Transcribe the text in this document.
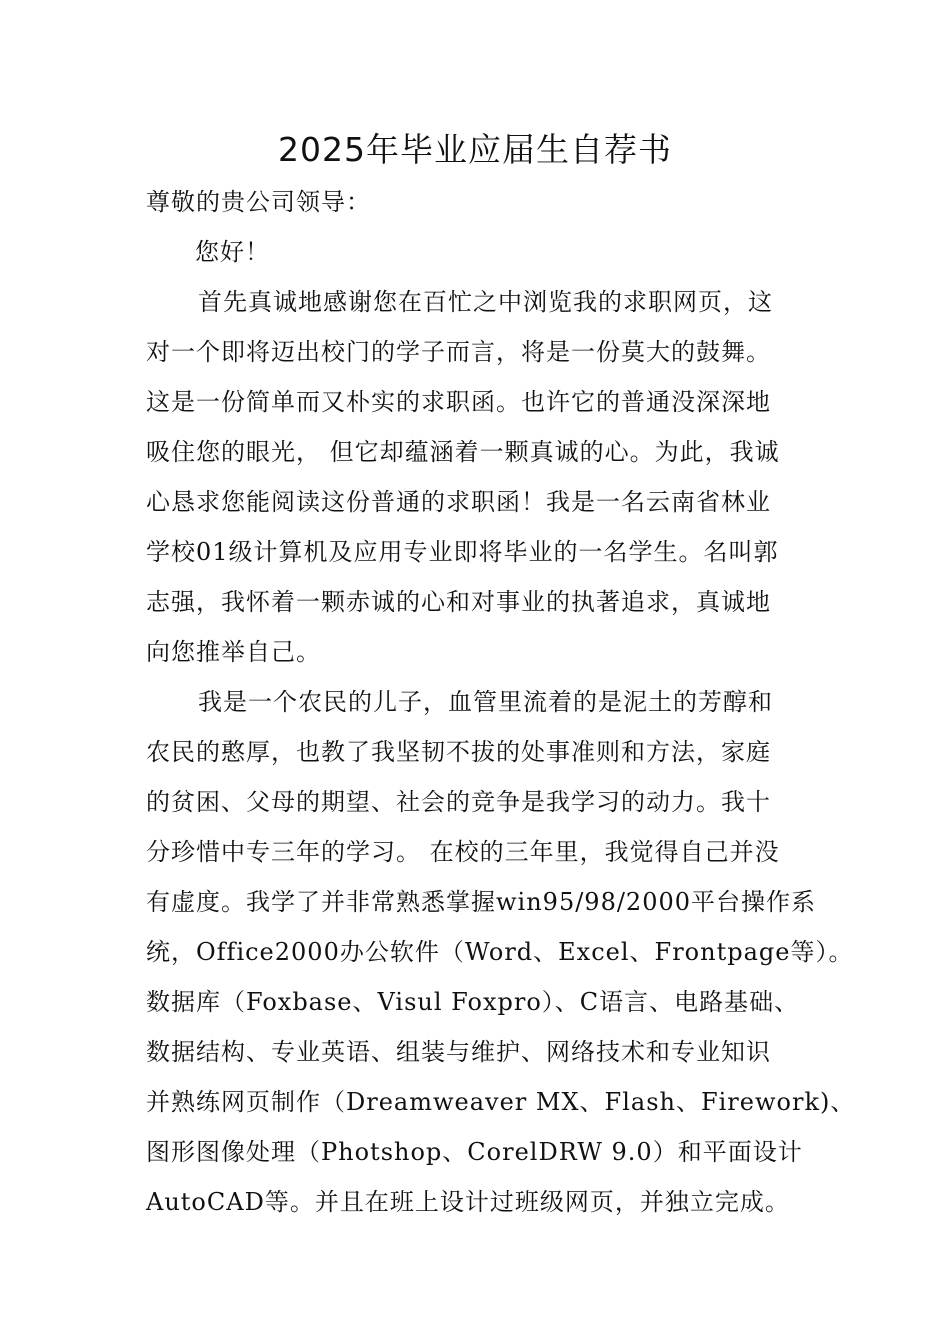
2025年毕业应届生自荐书
尊敬的贵公司领导：
您好！
首先真诚地感谢您在百忙之中浏览我的求职网页，这
对一个即将迈出校门的学子而言，将是一份莫大的鼓舞。
这是一份简单而又朴实的求职函。也许它的普通没深深地
吸住您的眼光， 但它却蕴涵着一颗真诚的心。为此，我诚
心恳求您能阅读这份普通的求职函！我是一名云南省林业
学校01级计算机及应用专业即将毕业的一名学生。名叫郭
志强，我怀着一颗赤诚的心和对事业的执著追求，真诚地
向您推举自己。
我是一个农民的儿子，血管里流着的是泥土的芳醇和
农民的憨厚，也教了我坚韧不拔的处事准则和方法，家庭
的贫困、父母的期望、社会的竞争是我学习的动力。我十
分珍惜中专三年的学习。 在校的三年里，我觉得自己并没
有虚度。我学了并非常熟悉掌握win95/98/2000平台操作系
统，Office2000办公软件（Word、Excel、Frontpage等）。
数据库（Foxbase、Visul Foxpro）、C语言、电路基础、
数据结构、专业英语、组装与维护、网络技术和专业知识
并熟练网页制作（Dreamweaver MX、Flash、Firework)、
图形图像处理（Photshop、CorelDRW 9.0）和平面设计
AutoCAD等。并且在班上设计过班级网页，并独立完成。
